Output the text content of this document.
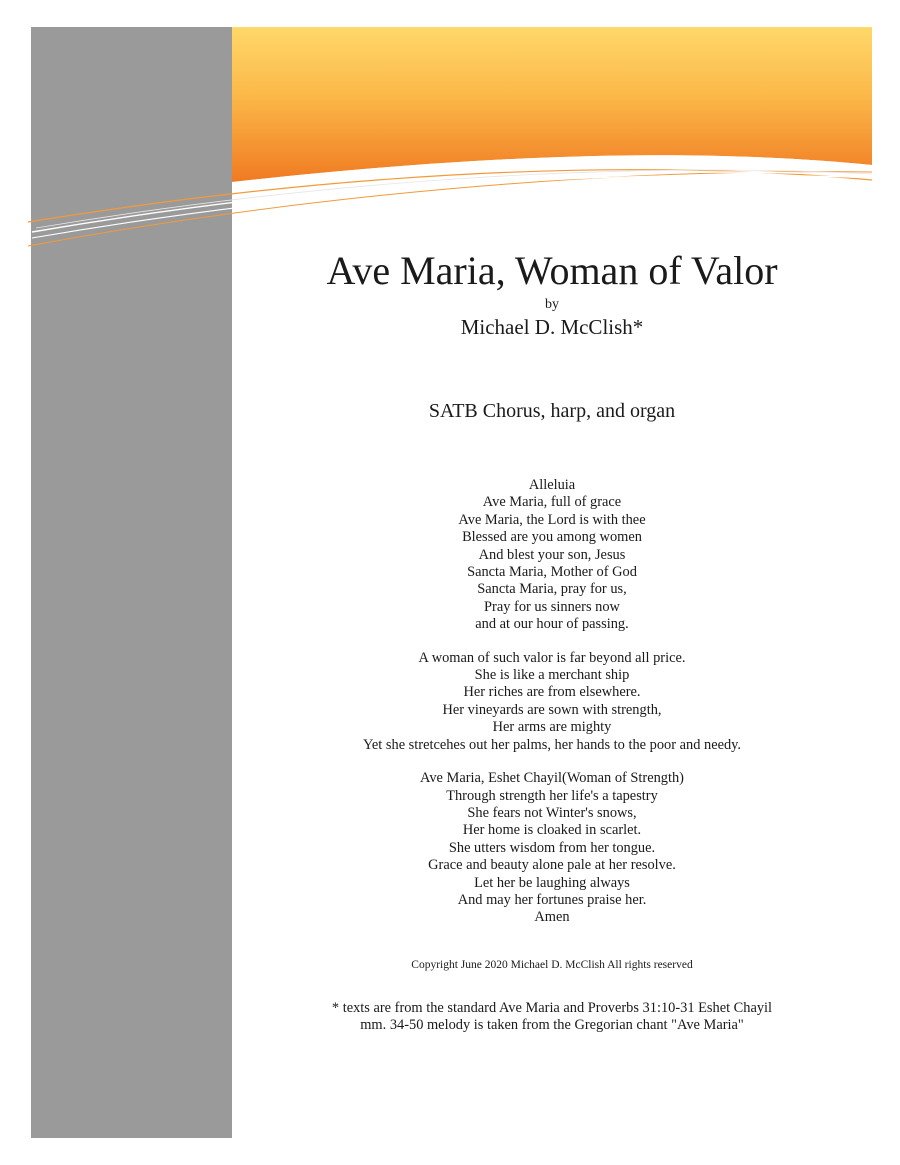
Ave Maria, Woman of Valor
by
Michael D. McClish*
SATB Chorus, harp, and organ
Alleluia
Ave Maria, full of grace
Ave Maria, the Lord is with thee
Blessed are you among women
And blest your son, Jesus
Sancta Maria, Mother of God
Sancta Maria, pray for us,
Pray for us sinners now
and at our hour of passing.
A woman of such valor is far beyond all price.
She is like a merchant ship
Her riches are from elsewhere.
Her vineyards are sown with strength,
Her arms are mighty
Yet she stretcehes out her palms, her hands to the poor and needy.
Ave Maria, Eshet Chayil(Woman of Strength)
Through strength her life's a tapestry
She fears not Winter's snows,
Her home is cloaked in scarlet.
She utters wisdom from her tongue.
Grace and beauty alone pale at her resolve.
Let her be laughing always
And may her fortunes praise her.
Amen
Copyright June 2020 Michael D. McClish All rights reserved
* texts are from the standard Ave Maria and Proverbs 31:10-31 Eshet Chayil
mm. 34-50 melody is taken from the Gregorian chant "Ave Maria"
